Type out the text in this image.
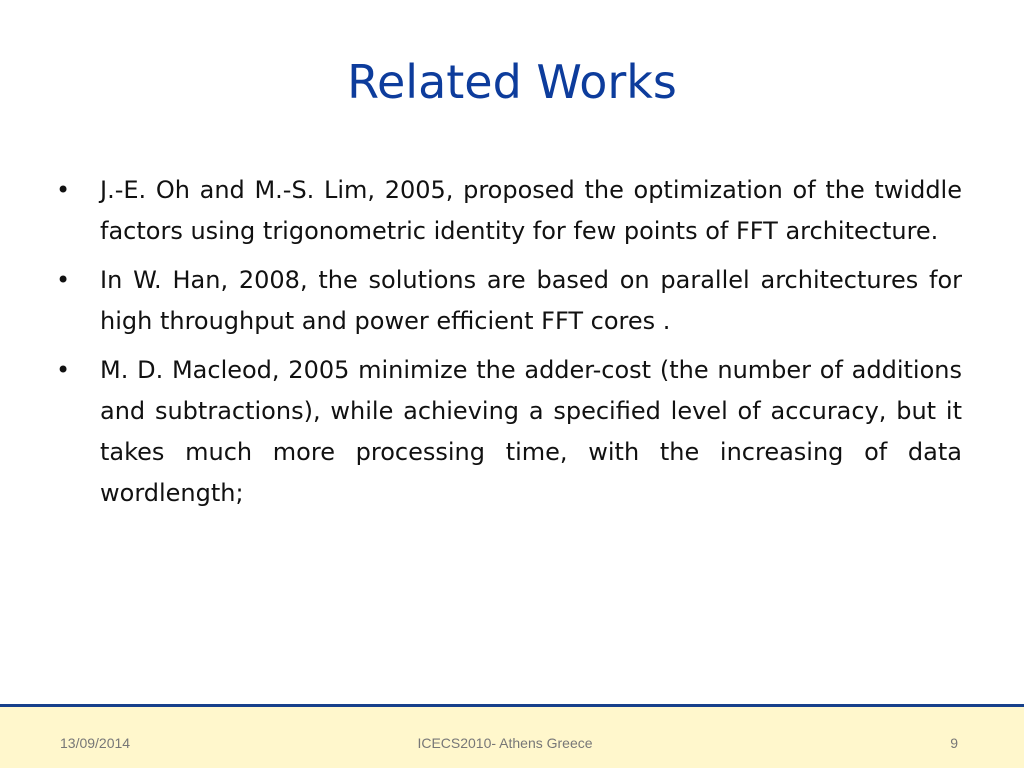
Related Works
• J.-E. Oh and M.-S. Lim, 2005, proposed the optimization of the twiddle factors using trigonometric identity for few points of FFT architecture.
• In W. Han, 2008, the solutions are based on parallel architectures for high throughput and power efficient FFT cores .
• M. D. Macleod, 2005 minimize the adder-cost (the number of additions and subtractions), while achieving a specified level of accuracy, but it takes much more processing time, with the increasing of data wordlength;
13/09/2014	ICECS2010- Athens Greece	9
